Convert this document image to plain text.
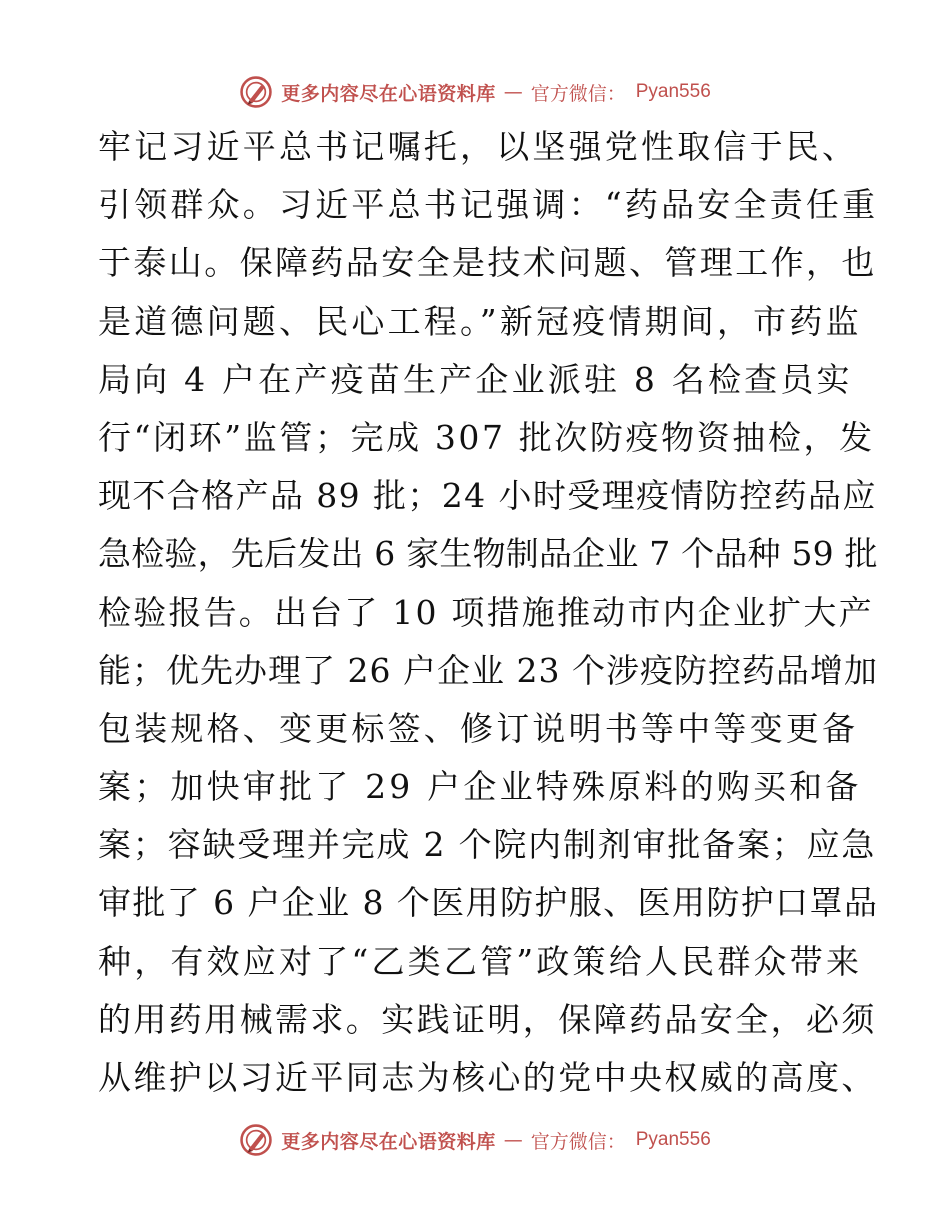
更多内容尽在心语资料库 — 官方微信： Pyan556
牢记习近平总书记嘱托，以坚强党性取信于民、
引领群众。习近平总书记强调：“药品安全责任重
于泰山。保障药品安全是技术问题、管理工作，也
是道德问题、民心工程。”新冠疫情期间，市药监
局向 4 户在产疫苗生产企业派驻 8 名检查员实
行“闭环”监管；完成 307 批次防疫物资抽检，发
现不合格产品 89 批；24 小时受理疫情防控药品应
急检验，先后发出 6 家生物制品企业 7 个品种 59 批
检验报告。出台了 10 项措施推动市内企业扩大产
能；优先办理了 26 户企业 23 个涉疫防控药品增加
包装规格、变更标签、修订说明书等中等变更备
案；加快审批了 29 户企业特殊原料的购买和备
案；容缺受理并完成 2 个院内制剂审批备案；应急
审批了 6 户企业 8 个医用防护服、医用防护口罩品
种，有效应对了“乙类乙管”政策给人民群众带来
的用药用械需求。实践证明，保障药品安全，必须
从维护以习近平同志为核心的党中央权威的高度、
更多内容尽在心语资料库 — 官方微信： Pyan556
